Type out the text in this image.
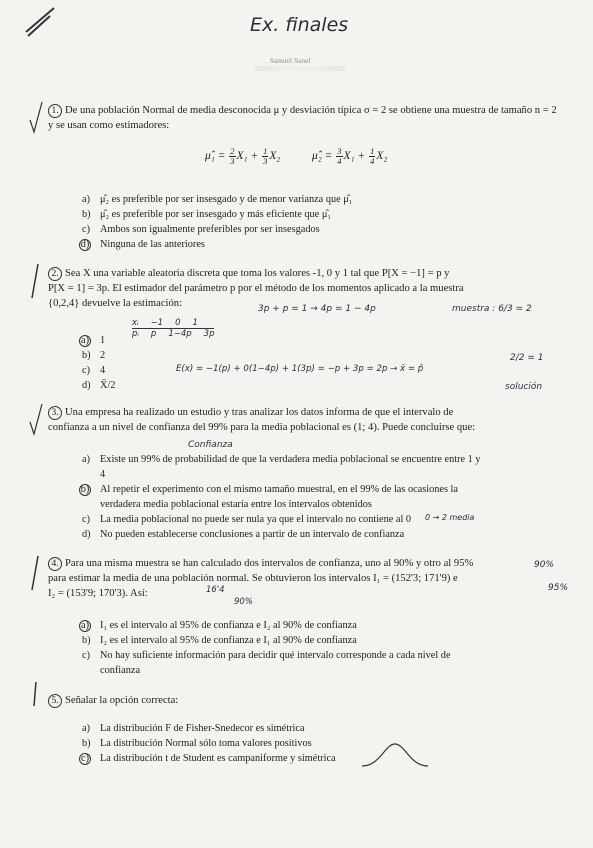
Ex. finales
Samuel Sanel
1. De una población Normal de media desconocida μ y desviación típica σ = 2 se obtiene una muestra de tamaño n = 2 y se usan como estimadores:
μ̂₁ = $\frac{2}{3} X_1 + \frac{1}{3} X_2$	μ̂₂ = $\frac{3}{4} X_1 + \frac{1}{4} X_2$
a) μ̂₂ es preferible por ser insesgado y de menor varianza que μ̂₁
b) μ̂₂ es preferible por ser insesgado y más eficiente que μ̂₁
c) Ambos son igualmente preferibles por ser insesgados
d) Ninguna de las anteriores
2. Sea X una variable aleatoria discreta que toma los valores -1, 0 y 1 tal que P[X = −1] = p y
P[X = 1] = 3p. El estimador del parámetro p por el método de los momentos aplicado a la muestra
{0,2,4} devuelve la estimación:	3p + p = 1 → 4p = 1 − 4p	muestra : 6/3 = 2
xᵢ −1 0 1
pᵢ p 1−4p 3p
a) 1
b) 2
c) 4
d) X̄/2
E(x) = −1(p) + 0(1−4p) + 1(3p) = −p + 3p = 2p → x̄ = p̂
2/2 = 1
solución
3. Una empresa ha realizado un estudio y tras analizar los datos informa de que el intervalo de
confianza a un nivel de confianza del 99% para la media poblacional es (1; 4). Puede concluirse que:
Confianza
a) Existe un 99% de probabilidad de que la verdadera media poblacional se encuentre entre 1 y
4
b) Al repetir el experimento con el mismo tamaño muestral, en el 99% de las ocasiones la
verdadera media poblacional estaría entre los intervalos obtenidos
c) La media poblacional no puede ser nula ya que el intervalo no contiene al 0
d) No pueden establecerse conclusiones a partir de un intervalo de confianza
0 → 2 media
4. Para una misma muestra se han calculado dos intervalos de confianza, uno al 90% y otro al 95%
para estimar la media de una población normal. Se obtuvieron los intervalos I₁ = (152'3; 171'9) e
I₂ = (153'9; 170'3). Así:
90%
95%
16'4
90%
a) I₁ es el intervalo al 95% de confianza e I₂ al 90% de confianza
b) I₂ es el intervalo al 95% de confianza e I₁ al 90% de confianza
c) No hay suficiente información para decidir qué intervalo corresponde a cada nivel de
confianza
5. Señalar la opción correcta:
a) La distribución F de Fisher-Snedecor es simétrica
b) La distribución Normal sólo toma valores positivos
c) La distribución t de Student es campaniforme y simétrica
